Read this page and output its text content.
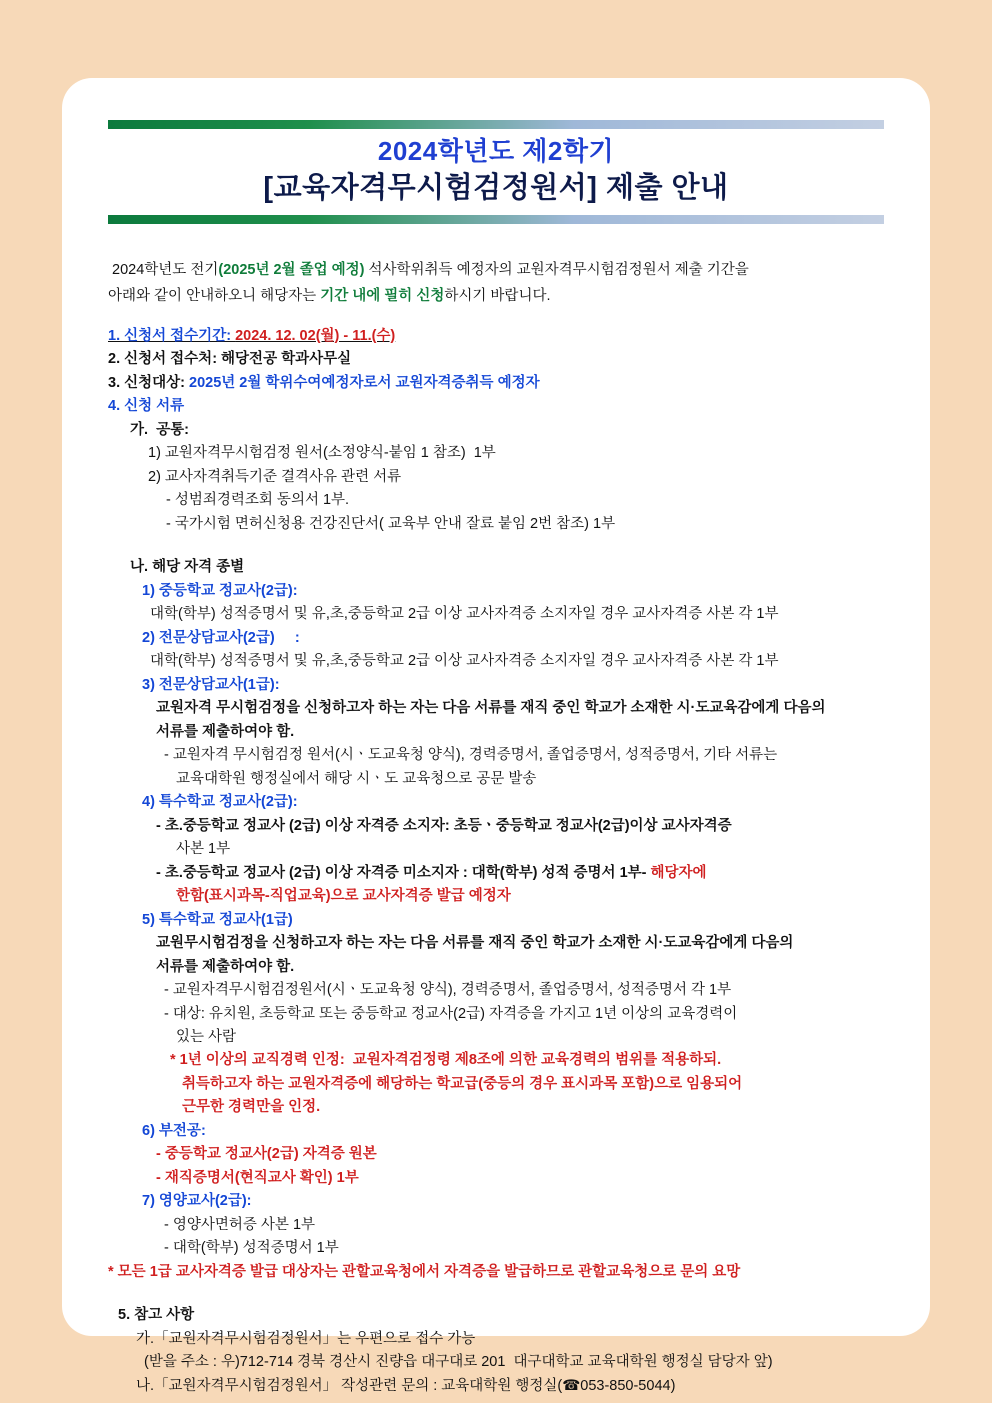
2024학년도 제2학기
[교육자격무시험검정원서] 제출 안내
2024학년도 전기(2025년 2월 졸업 예정) 석사학위취득 예정자의 교원자격무시험검정원서 제출 기간을
아래와 같이 안내하오니 해당자는 기간 내에 필히 신청하시기 바랍니다.
1. 신청서 접수기간: 2024. 12. 02(월) - 11.(수)
2. 신청서 접수처: 해당전공 학과사무실
3. 신청대상: 2025년 2월 학위수여예정자로서 교원자격증취득 예정자
4. 신청 서류
가.  공통:
1) 교원자격무시험검정 원서(소정양식-붙임 1 참조)  1부
2) 교사자격취득기준 결격사유 관련 서류
- 성범죄경력조회 동의서 1부.
- 국가시험 면허신청용 건강진단서( 교육부 안내 잘료 붙임 2번 참조) 1부
나. 해당 자격 종별
1) 중등학교 정교사(2급):
대학(학부) 성적증명서 및 유,초,중등학교 2급 이상 교사자격증 소지자일 경우 교사자격증 사본 각 1부
2) 전문상담교사(2급)     :
대학(학부) 성적증명서 및 유,초,중등학교 2급 이상 교사자격증 소지자일 경우 교사자격증 사본 각 1부
3) 전문상담교사(1급):
교원자격 무시험검정을 신청하고자 하는 자는 다음 서류를 재직 중인 학교가 소재한 시·도교육감에게 다음의
서류를 제출하여야 함.
- 교원자격 무시험검정 원서(시ㆍ도교육청 양식), 경력증명서, 졸업증명서, 성적증명서, 기타 서류는
교육대학원 행정실에서 해당 시ㆍ도 교육청으로 공문 발송
4) 특수학교 정교사(2급):
- 초.중등학교 정교사 (2급) 이상 자격증 소지자: 초등ㆍ중등학교 정교사(2급)이상 교사자격증
사본 1부
- 초.중등학교 정교사 (2급) 이상 자격증 미소지자 : 대학(학부) 성적 증명서 1부- 해당자에
한함(표시과목-직업교육)으로 교사자격증 발급 예정자
5) 특수학교 정교사(1급)
교원무시험검정을 신청하고자 하는 자는 다음 서류를 재직 중인 학교가 소재한 시·도교육감에게 다음의
서류를 제출하여야 함.
- 교원자격무시험검정원서(시ㆍ도교육청 양식), 경력증명서, 졸업증명서, 성적증명서 각 1부
- 대상: 유치원, 초등학교 또는 중등학교 정교사(2급) 자격증을 가지고 1년 이상의 교육경력이
있는 사람
* 1년 이상의 교직경력 인정:  교원자격검정령 제8조에 의한 교육경력의 범위를 적용하되.
취득하고자 하는 교원자격증에 해당하는 학교급(중등의 경우 표시과목 포함)으로 임용되어
근무한 경력만을 인정.
6) 부전공:
- 중등학교 정교사(2급) 자격증 원본
- 재직증명서(현직교사 확인) 1부
7) 영양교사(2급):
- 영양사면허증 사본 1부
- 대학(학부) 성적증명서 1부
* 모든 1급 교사자격증 발급 대상자는 관할교육청에서 자격증을 발급하므로 관할교육청으로 문의 요망
5. 참고 사항
가.「교원자격무시험검정원서」는 우편으로 접수 가능
(받을 주소 : 우)712-714 경북 경산시 진량읍 대구대로 201  대구대학교 교육대학원 행정실 담당자 앞)
나.「교원자격무시험검정원서」 작성관련 문의 : 교육대학원 행정실(☎053-850-5044)
